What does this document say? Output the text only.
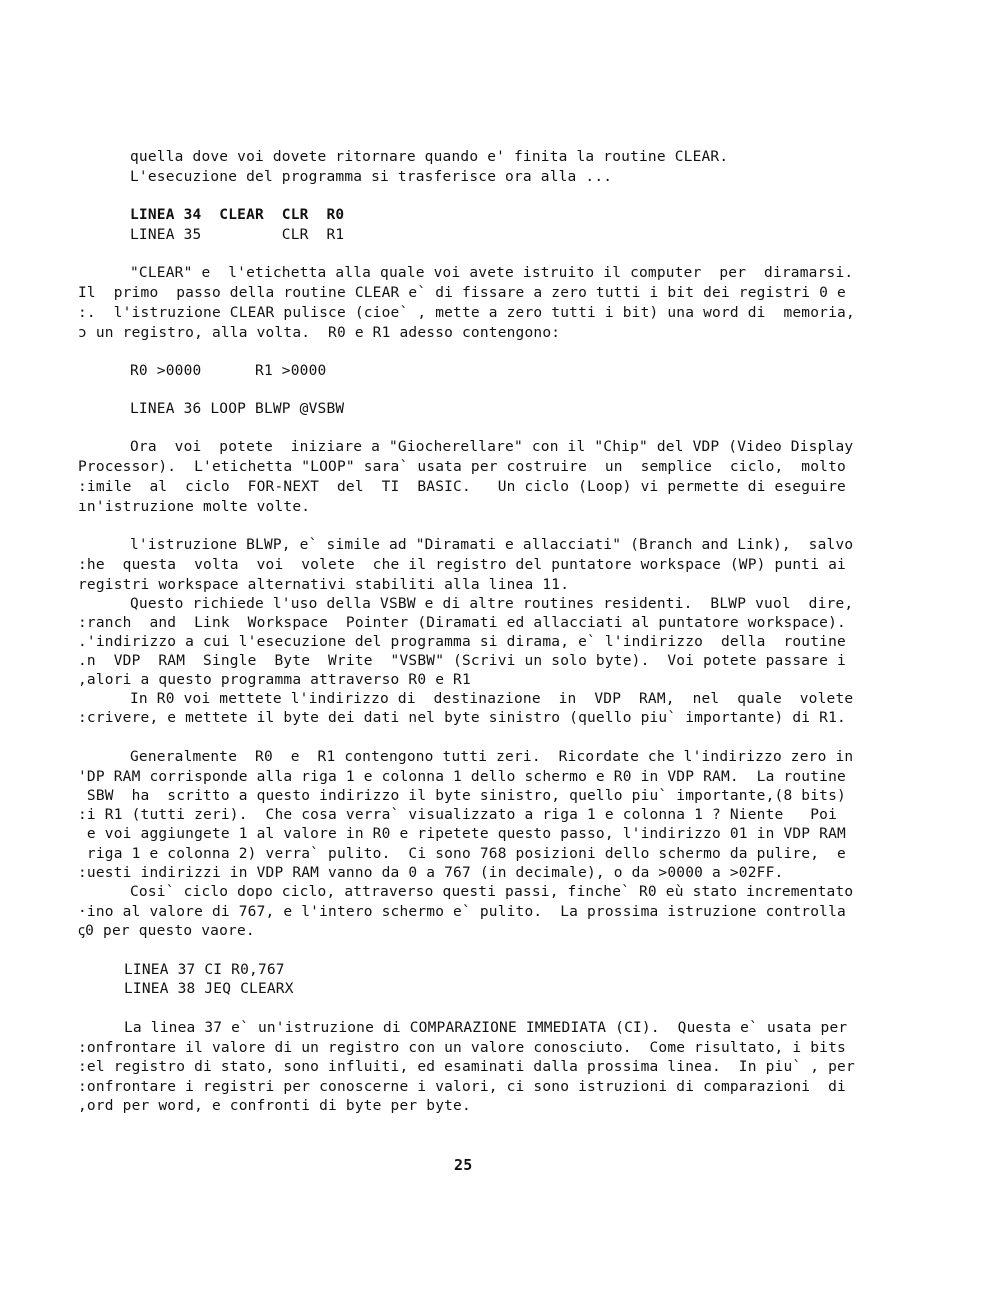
quella dove voi dovete ritornare quando e' finita la routine CLEAR.
L'esecuzione del programma si trasferisce ora alla ...
LINEA 34  CLEAR  CLR  R0
LINEA 35         CLR  R1
"CLEAR" e  l'etichetta alla quale voi avete istruito il computer  per  diramarsi.
Il  primo  passo della routine CLEAR e` di fissare a zero tutti i bit dei registri 0 e
:.  l'istruzione CLEAR pulisce (cioe` , mette a zero tutti i bit) una word di  memoria,
ɔ un registro, alla volta.  R0 e R1 adesso contengono:
R0 >0000      R1 >0000
LINEA 36 LOOP BLWP @VSBW
Ora  voi  potete  iniziare a "Giocherellare" con il "Chip" del VDP (Video Display
Processor).  L'etichetta "LOOP" sara` usata per costruire  un  semplice  ciclo,  molto
:imile  al  ciclo  FOR-NEXT  del  TI  BASIC.   Un ciclo (Loop) vi permette di eseguire
ın'istruzione molte volte.
l'istruzione BLWP, e` simile ad "Diramati e allacciati" (Branch and Link),  salvo
:he  questa  volta  voi  volete  che il registro del puntatore workspace (WP) punti ai
registri workspace alternativi stabiliti alla linea 11.
Questo richiede l'uso della VSBW e di altre routines residenti.  BLWP vuol  dire,
:ranch  and  Link  Workspace  Pointer (Diramati ed allacciati al puntatore workspace).
.'indirizzo a cui l'esecuzione del programma si dirama, e` l'indirizzo  della  routine
.n  VDP  RAM  Single  Byte  Write  "VSBW" (Scrivi un solo byte).  Voi potete passare i
,alori a questo programma attraverso R0 e R1
In R0 voi mettete l'indirizzo di  destinazione  in  VDP  RAM,  nel  quale  volete
:crivere, e mettete il byte dei dati nel byte sinistro (quello piu` importante) di R1.
Generalmente  R0  e  R1 contengono tutti zeri.  Ricordate che l'indirizzo zero in
'DP RAM corrisponde alla riga 1 e colonna 1 dello schermo e R0 in VDP RAM.  La routine
SBW  ha  scritto a questo indirizzo il byte sinistro, quello piu` importante,(8 bits)
:i R1 (tutti zeri).  Che cosa verra` visualizzato a riga 1 e colonna 1 ? Niente   Poi
e voi aggiungete 1 al valore in R0 e ripetete questo passo, l'indirizzo 01 in VDP RAM
riga 1 e colonna 2) verra` pulito.  Ci sono 768 posizioni dello schermo da pulire,  e
:uesti indirizzi in VDP RAM vanno da 0 a 767 (in decimale), o da >0000 a >02FF.
Cosi` ciclo dopo ciclo, attraverso questi passi, finche` R0 eù stato incrementato
·ino al valore di 767, e l'intero schermo e` pulito.  La prossima istruzione controlla
ꞔ0 per questo vaore.
LINEA 37 CI R0,767
LINEA 38 JEQ CLEARX
La linea 37 e` un'istruzione di COMPARAZIONE IMMEDIATA (CI).  Questa e` usata per
:onfrontare il valore di un registro con un valore conosciuto.  Come risultato, i bits
:el registro di stato, sono influiti, ed esaminati dalla prossima linea.  In piu` , per
:onfrontare i registri per conoscerne i valori, ci sono istruzioni di comparazioni  di
,ord per word, e confronti di byte per byte.
25
